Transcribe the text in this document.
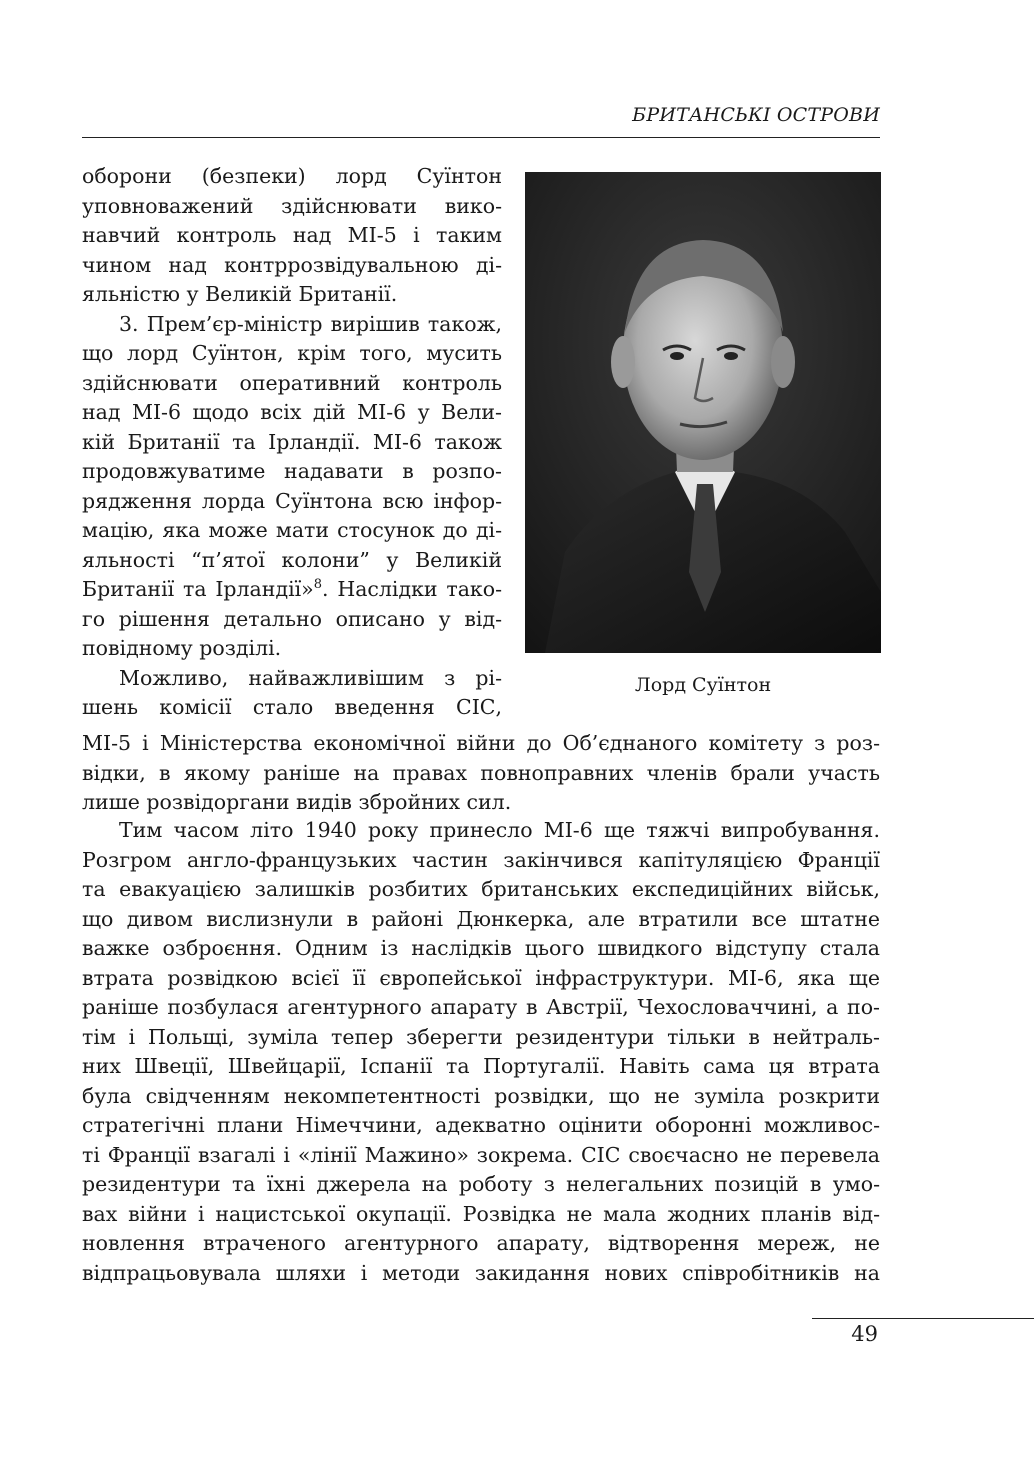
БРИТАНСЬКІ ОСТРОВИ
оборони (безпеки) лорд Суїнтон
уповноважений здійснювати вико-
навчий контроль над МІ-5 і таким
чином над контррозвідувальною ді-
яльністю у Великій Британії.
3. Прем’єр-міністр вирішив також,
що лорд Суїнтон, крім того, мусить
здійснювати оперативний контроль
над МІ-6 щодо всіх дій МІ-6 у Вели-
кій Британії та Ірландії. МІ-6 також
продовжуватиме надавати в розпо-
рядження лорда Суїнтона всю інфор-
мацію, яка може мати стосунок до ді-
яльності “п’ятої колони” у Великій
Британії та Ірландії»$^8$. Наслідки тако-
го рішення детально описано у від-
повідному розділі.
Можливо, найважливішим з рі-
шень комісії стало введення СІС,
Лорд Суїнтон
МІ-5 і Міністерства економічної війни до Об’єднаного комітету з роз-
відки, в якому раніше на правах повноправних членів брали участь
лише розвідоргани видів збройних сил.
Тим часом літо 1940 року принесло МІ-6 ще тяжчі випробування.
Розгром англо-французьких частин закінчився капітуляцією Франції
та евакуацією залишків розбитих британських експедиційних військ,
що дивом вислизнули в районі Дюнкерка, але втратили все штатне
важке озброєння. Одним із наслідків цього швидкого відступу стала
втрата розвідкою всієї її європейської інфраструктури. МІ-6, яка ще
раніше позбулася агентурного апарату в Австрії, Чехословаччині, а по-
тім і Польщі, зуміла тепер зберегти резидентури тільки в нейтраль-
них Швеції, Швейцарії, Іспанії та Португалії. Навіть сама ця втрата
була свідченням некомпетентності розвідки, що не зуміла розкрити
стратегічні плани Німеччини, адекватно оцінити оборонні можливос-
ті Франції взагалі і «лінії Мажино» зокрема. СІС своєчасно не перевела
резидентури та їхні джерела на роботу з нелегальних позицій в умо-
вах війни і нацистської окупації. Розвідка не мала жодних планів від-
новлення втраченого агентурного апарату, відтворення мереж, не
відпрацьовувала шляхи і методи закидання нових співробітників на
49
